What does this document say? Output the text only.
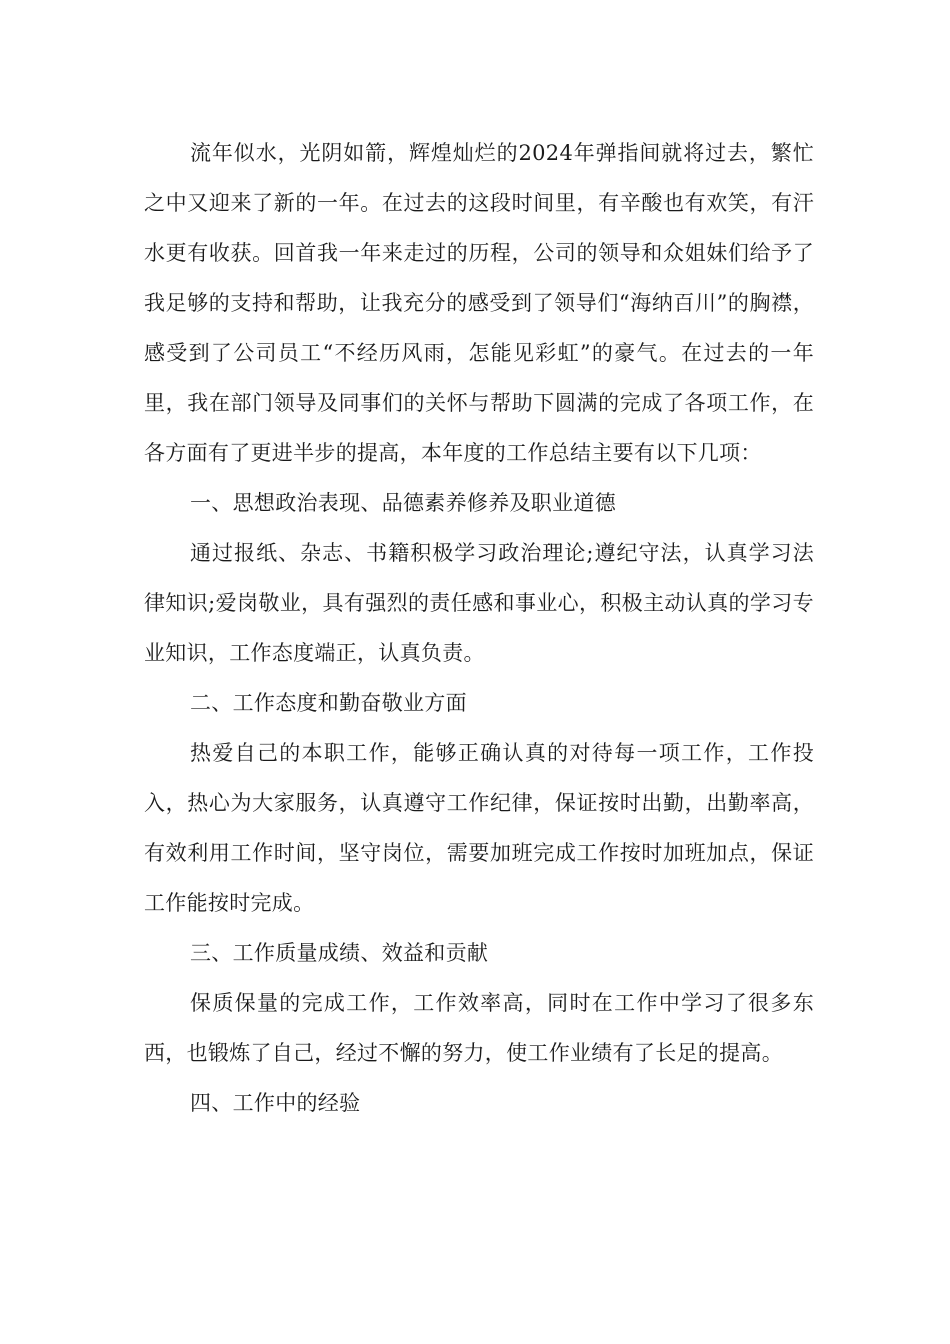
流年似水，光阴如箭，辉煌灿烂的2024年弹指间就将过去，繁忙之中又迎来了新的一年。在过去的这段时间里，有辛酸也有欢笑，有汗水更有收获。回首我一年来走过的历程，公司的领导和众姐妹们给予了我足够的支持和帮助，让我充分的感受到了领导们“海纳百川”的胸襟，感受到了公司员工“不经历风雨，怎能见彩虹”的豪气。在过去的一年里，我在部门领导及同事们的关怀与帮助下圆满的完成了各项工作，在各方面有了更进半步的提高，本年度的工作总结主要有以下几项：

一、思想政治表现、品德素养修养及职业道德

通过报纸、杂志、书籍积极学习政治理论;遵纪守法，认真学习法律知识;爱岗敬业，具有强烈的责任感和事业心，积极主动认真的学习专业知识，工作态度端正，认真负责。

二、工作态度和勤奋敬业方面

热爱自己的本职工作，能够正确认真的对待每一项工作，工作投入，热心为大家服务，认真遵守工作纪律，保证按时出勤，出勤率高，有效利用工作时间，坚守岗位，需要加班完成工作按时加班加点，保证工作能按时完成。

三、工作质量成绩、效益和贡献

保质保量的完成工作，工作效率高，同时在工作中学习了很多东西，也锻炼了自己，经过不懈的努力，使工作业绩有了长足的提高。

四、工作中的经验
